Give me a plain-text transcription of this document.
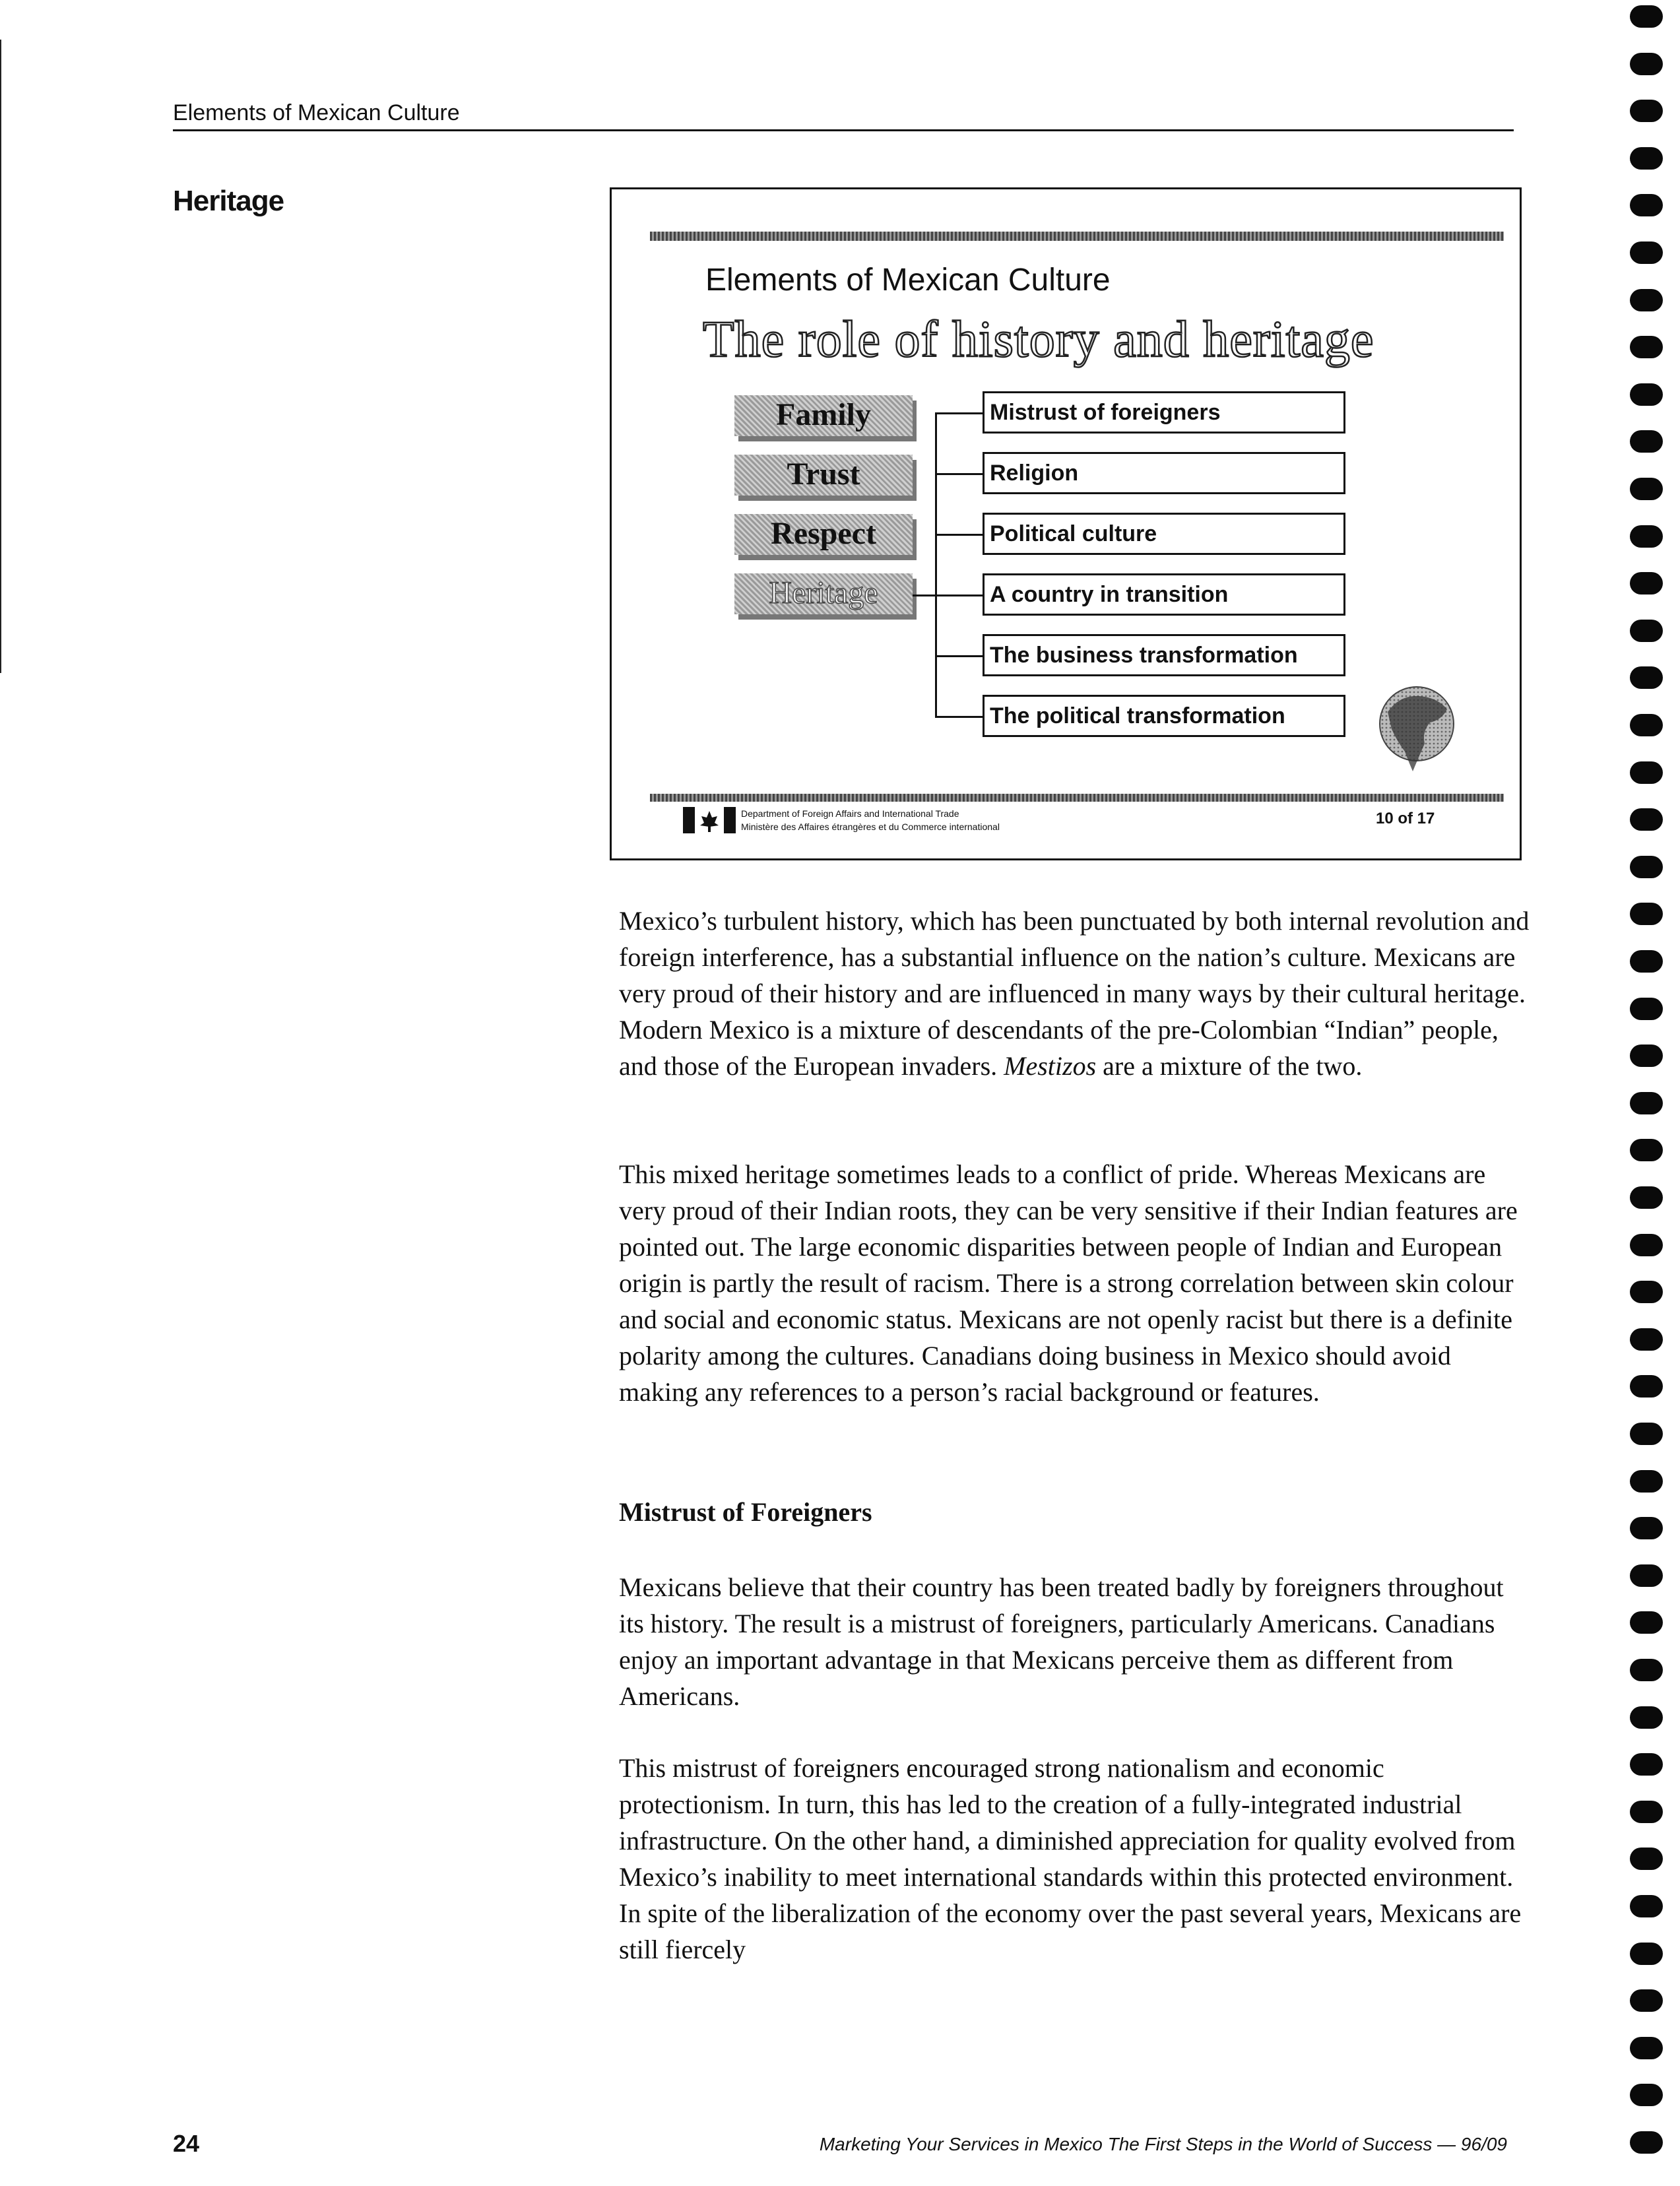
Elements of Mexican Culture
Heritage
Elements of Mexican Culture
The role of history and heritage
Family
Trust
Respect
Heritage
Mistrust of foreigners
Religion
Political culture
A country in transition
The business transformation
The political transformation
Department of Foreign Affairs and International Trade
Ministère des Affaires étrangères et du Commerce international	10 of 17
Mexico’s turbulent history, which has been punctuated by both internal revolution and foreign interference, has a substantial influence on the nation’s culture. Mexicans are very proud of their history and are influenced in many ways by their cultural heritage. Modern Mexico is a mixture of descendants of the pre-Colombian “Indian” people, and those of the European invaders. Mestizos are a mixture of the two.
This mixed heritage sometimes leads to a conflict of pride. Whereas Mexicans are very proud of their Indian roots, they can be very sensitive if their Indian features are pointed out. The large economic disparities between people of Indian and European origin is partly the result of racism. There is a strong correlation between skin colour and social and economic status. Mexicans are not openly racist but there is a definite polarity among the cultures. Canadians doing business in Mexico should avoid making any references to a person’s racial background or features.
Mistrust of Foreigners
Mexicans believe that their country has been treated badly by foreigners throughout its history. The result is a mistrust of foreigners, particularly Americans. Canadians enjoy an important advantage in that Mexicans perceive them as different from Americans.
This mistrust of foreigners encouraged strong nationalism and economic protectionism. In turn, this has led to the creation of a fully-integrated industrial infrastructure. On the other hand, a diminished appreciation for quality evolved from Mexico’s inability to meet international standards within this protected environment. In spite of the liberalization of the economy over the past several years, Mexicans are still fiercely
24	Marketing Your Services in Mexico The First Steps in the World of Success — 96/09
